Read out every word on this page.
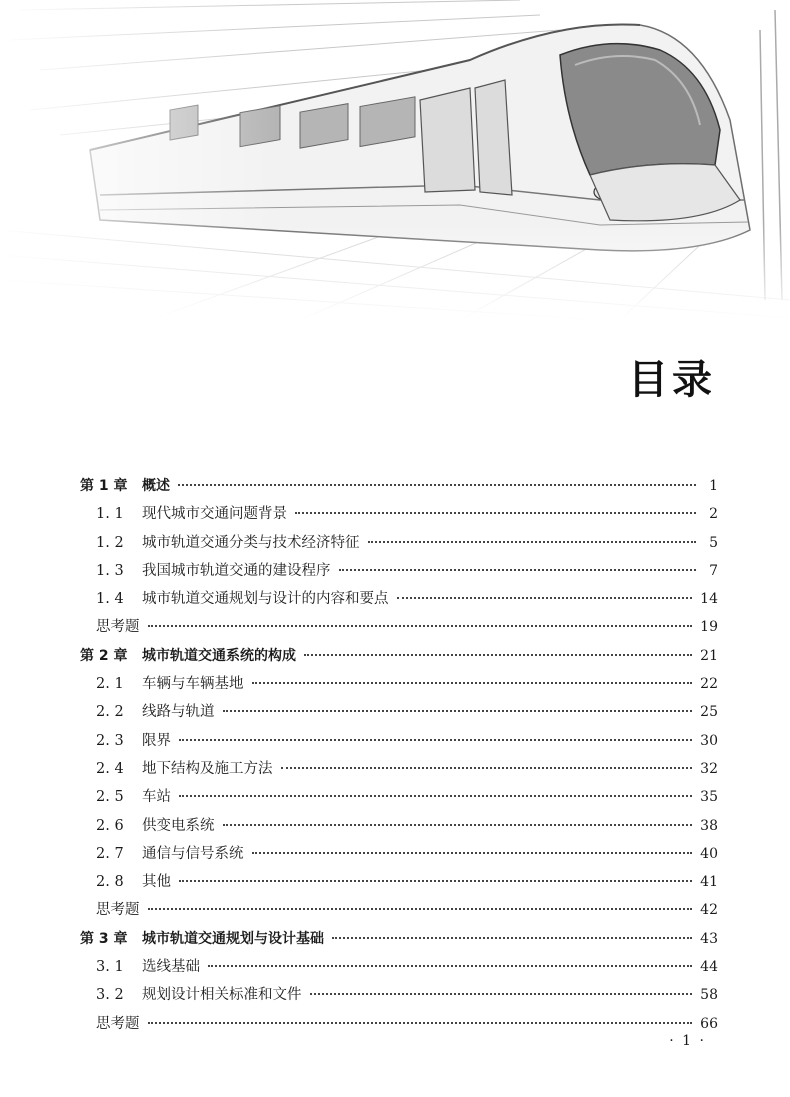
目录
第 1 章	概述	1
1. 1	现代城市交通问题背景	2
1. 2	城市轨道交通分类与技术经济特征	5
1. 3	我国城市轨道交通的建设程序	7
1. 4	城市轨道交通规划与设计的内容和要点	14
思考题	19
第 2 章	城市轨道交通系统的构成	21
2. 1	车辆与车辆基地	22
2. 2	线路与轨道	25
2. 3	限界	30
2. 4	地下结构及施工方法	32
2. 5	车站	35
2. 6	供变电系统	38
2. 7	通信与信号系统	40
2. 8	其他	41
思考题	42
第 3 章	城市轨道交通规划与设计基础	43
3. 1	选线基础	44
3. 2	规划设计相关标准和文件	58
思考题	66
· 1 ·
